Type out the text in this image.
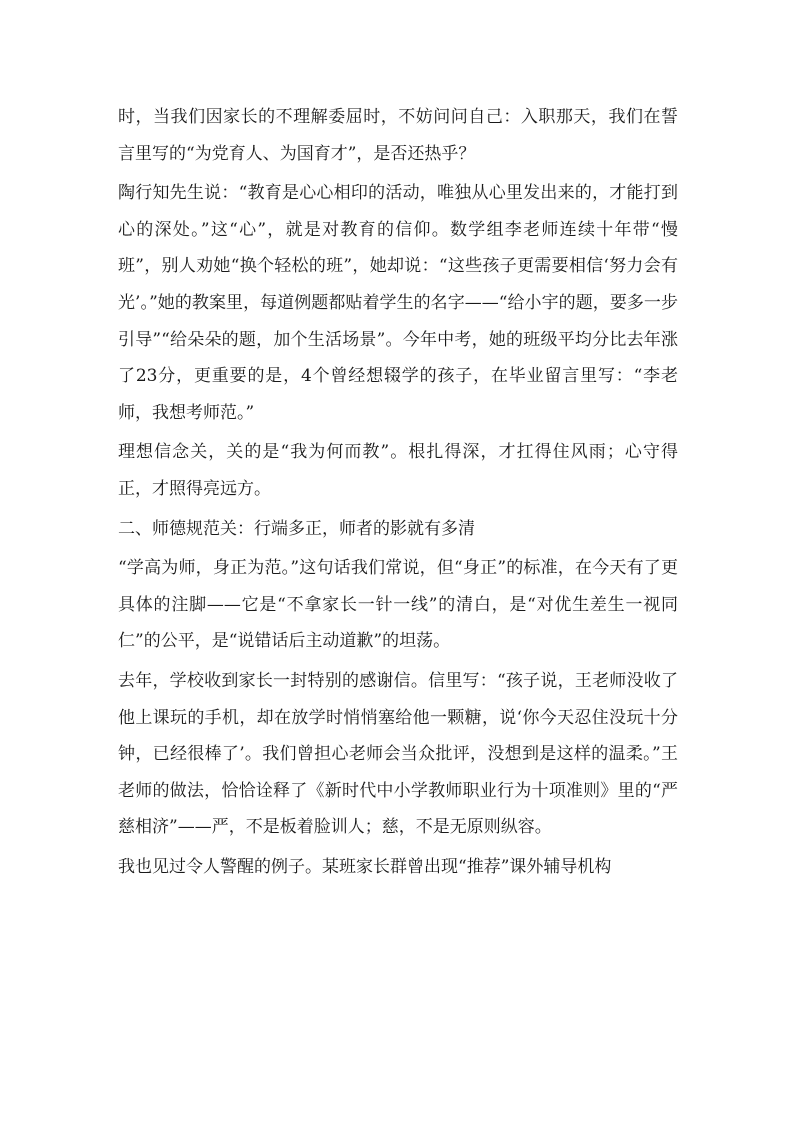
时，当我们因家长的不理解委屈时，不妨问问自己：入职那天，我们在誓言里写的“为党育人、为国育才”，是否还热乎？

陶行知先生说：“教育是心心相印的活动，唯独从心里发出来的，才能打到心的深处。”这“心”，就是对教育的信仰。数学组李老师连续十年带“慢班”，别人劝她“换个轻松的班”，她却说：“这些孩子更需要相信‘努力会有光’。”她的教案里，每道例题都贴着学生的名字——“给小宇的题，要多一步引导”“给朵朵的题，加个生活场景”。今年中考，她的班级平均分比去年涨了23分，更重要的是，4个曾经想辍学的孩子，在毕业留言里写：“李老师，我想考师范。”

理想信念关，关的是“我为何而教”。根扎得深，才扛得住风雨；心守得正，才照得亮远方。

二、师德规范关：行端多正，师者的影就有多清

“学高为师，身正为范。”这句话我们常说，但“身正”的标准，在今天有了更具体的注脚——它是“不拿家长一针一线”的清白，是“对优生差生一视同仁”的公平，是“说错话后主动道歉”的坦荡。

去年，学校收到家长一封特别的感谢信。信里写：“孩子说，王老师没收了他上课玩的手机，却在放学时悄悄塞给他一颗糖，说‘你今天忍住没玩十分钟，已经很棒了’。我们曾担心老师会当众批评，没想到是这样的温柔。”王老师的做法，恰恰诠释了《新时代中小学教师职业行为十项准则》里的“严慈相济”——严，不是板着脸训人；慈，不是无原则纵容。

我也见过令人警醒的例子。某班家长群曾出现“推荐”课外辅导机构
